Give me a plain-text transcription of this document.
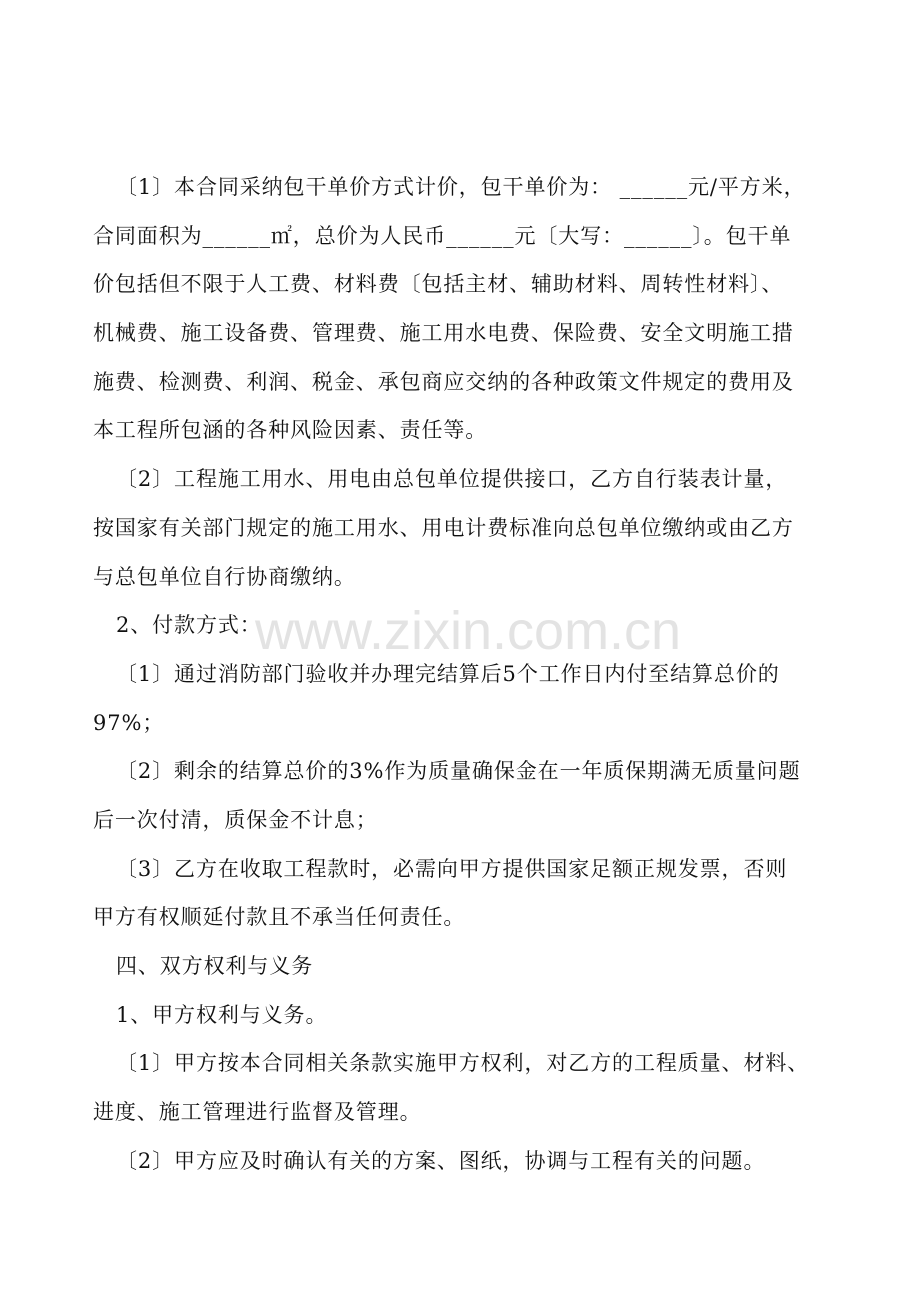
www.zixin.com.cn
〔1〕本合同采纳包干单价方式计价，包干单价为： ______元/平方米，
合同面积为______㎡，总价为人民币______元〔大写：______〕。包干单
价包括但不限于人工费、材料费〔包括主材、辅助材料、周转性材料〕、
机械费、施工设备费、管理费、施工用水电费、保险费、安全文明施工措
施费、检测费、利润、税金、承包商应交纳的各种政策文件规定的费用及
本工程所包涵的各种风险因素、责任等。
〔2〕工程施工用水、用电由总包单位提供接口，乙方自行装表计量，
按国家有关部门规定的施工用水、用电计费标准向总包单位缴纳或由乙方
与总包单位自行协商缴纳。
2、付款方式：
〔1〕通过消防部门验收并办理完结算后5个工作日内付至结算总价的
97%；
〔2〕剩余的结算总价的3%作为质量确保金在一年质保期满无质量问题
后一次付清，质保金不计息；
〔3〕乙方在收取工程款时，必需向甲方提供国家足额正规发票，否则
甲方有权顺延付款且不承当任何责任。
四、双方权利与义务
1、甲方权利与义务。
〔1〕甲方按本合同相关条款实施甲方权利，对乙方的工程质量、材料、
进度、施工管理进行监督及管理。
〔2〕甲方应及时确认有关的方案、图纸，协调与工程有关的问题。
